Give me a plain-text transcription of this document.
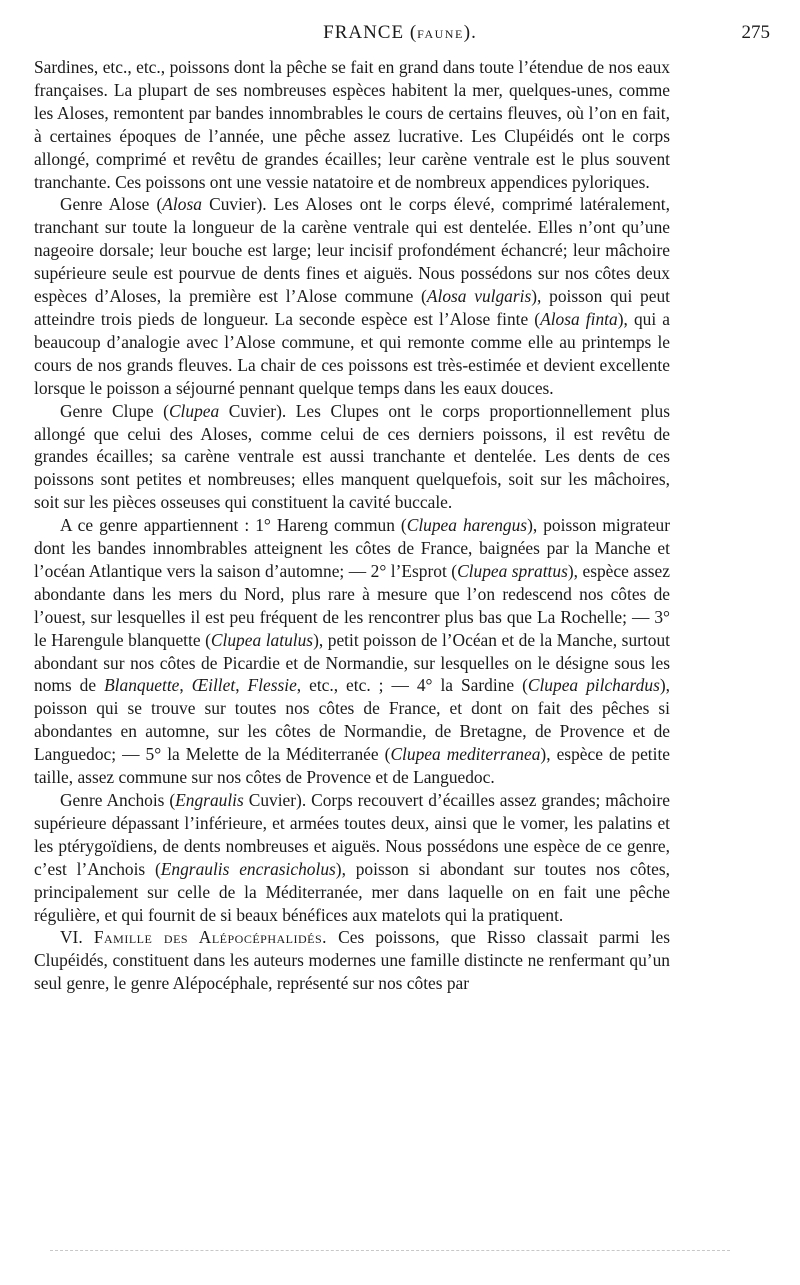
FRANCE (FAUNE).	275

Sardines, etc., etc., poissons dont la pêche se fait en grand dans toute l’étendue de nos eaux françaises. La plupart de ses nombreuses espèces habitent la mer, quelques-unes, comme les Aloses, remontent par bandes innombrables le cours de certains fleuves, où l’on en fait, à certaines époques de l’année, une pêche assez lucrative. Les Clupéidés ont le corps allongé, comprimé et revêtu de grandes écailles; leur carène ventrale est le plus souvent tranchante. Ces poissons ont une vessie natatoire et de nombreux appendices pyloriques.

Genre Alose (Alosa Cuvier). Les Aloses ont le corps élevé, comprimé latéralement, tranchant sur toute la longueur de la carène ventrale qui est dentelée. Elles n’ont qu’une nageoire dorsale; leur bouche est large; leur incisif profondément échancré; leur mâchoire supérieure seule est pourvue de dents fines et aiguës. Nous possédons sur nos côtes deux espèces d’Aloses, la première est l’Alose commune (Alosa vulgaris), poisson qui peut atteindre trois pieds de longueur. La seconde espèce est l’Alose finte (Alosa finta), qui a beaucoup d’analogie avec l’Alose commune, et qui remonte comme elle au printemps le cours de nos grands fleuves. La chair de ces poissons est très-estimée et devient excellente lorsque le poisson a séjourné pennant quelque temps dans les eaux douces.

Genre Clupe (Clupea Cuvier). Les Clupes ont le corps proportionnellement plus allongé que celui des Aloses, comme celui de ces derniers poissons, il est revêtu de grandes écailles; sa carène ventrale est aussi tranchante et dentelée. Les dents de ces poissons sont petites et nombreuses; elles manquent quelquefois, soit sur les mâchoires, soit sur les pièces osseuses qui constituent la cavité buccale.

A ce genre appartiennent : 1° Hareng commun (Clupea harengus), poisson migrateur dont les bandes innombrables atteignent les côtes de France, baignées par la Manche et l’océan Atlantique vers la saison d’automne; — 2° l’Esprot (Clupea sprattus), espèce assez abondante dans les mers du Nord, plus rare à mesure que l’on redescend nos côtes de l’ouest, sur lesquelles il est peu fréquent de les rencontrer plus bas que La Rochelle; — 3° le Harengule blanquette (Clupea latulus), petit poisson de l’Océan et de la Manche, surtout abondant sur nos côtes de Picardie et de Normandie, sur lesquelles on le désigne sous les noms de Blanquette, Œillet, Flessie, etc., etc. ; — 4° la Sardine (Clupea pilchardus), poisson qui se trouve sur toutes nos côtes de France, et dont on fait des pêches si abondantes en automne, sur les côtes de Normandie, de Bretagne, de Provence et de Languedoc; — 5° la Melette de la Méditerranée (Clupea mediterranea), espèce de petite taille, assez commune sur nos côtes de Provence et de Languedoc.

Genre Anchois (Engraulis Cuvier). Corps recouvert d’écailles assez grandes; mâchoire supérieure dépassant l’inférieure, et armées toutes deux, ainsi que le vomer, les palatins et les ptérygoïdiens, de dents nombreuses et aiguës. Nous possédons une espèce de ce genre, c’est l’Anchois (Engraulis encrasicholus), poisson si abondant sur toutes nos côtes, principalement sur celle de la Méditerranée, mer dans laquelle on en fait une pêche régulière, et qui fournit de si beaux bénéfices aux matelots qui la pratiquent.

VI. Famille des Alépocéphalidés. Ces poissons, que Risso classait parmi les Clupéidés, constituent dans les auteurs modernes une famille distincte ne renfermant qu’un seul genre, le genre Alépocéphale, représenté sur nos côtes par
